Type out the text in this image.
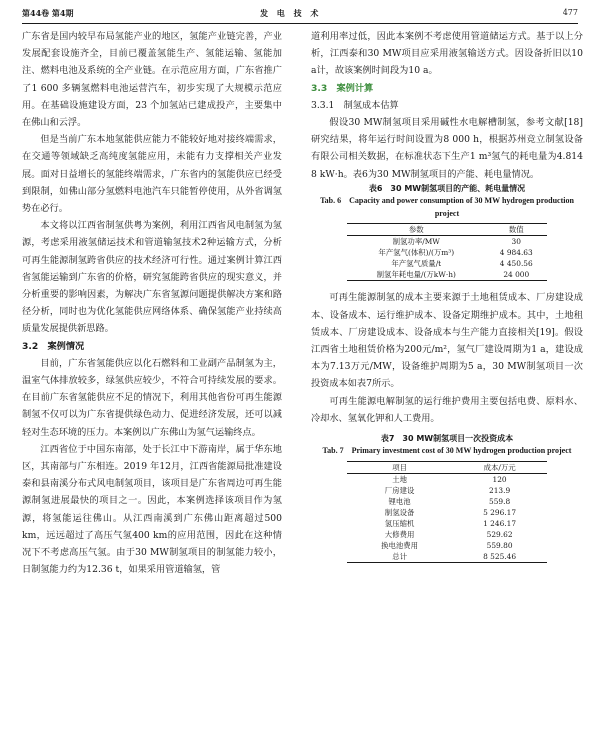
第44卷 第4期	发 电 技 术	477

广东省是国内较早布局氢能产业的地区，氢能产业链完善，产业发展配套设施齐全，目前已覆盖氢能生产、氢能运输、氢能加注、燃料电池及系统的全产业链。在示范应用方面，广东省推广了1 600 多辆氢燃料电池运营汽车，初步实现了大规模示范应用。在基础设施建设方面，23 个加氢站已建成投产，主要集中在佛山和云浮。

但是当前广东本地氢能供应能力不能较好地对接终端需求，在交通等领域缺乏高纯度氢能应用，未能有力支撑相关产业发展。面对日益增长的氢能终端需求，广东省内的氢能供应已经受到限制，如佛山部分氢燃料电池汽车只能暂停使用，从外省调氢势在必行。

本文将以江西省制氢供粤为案例，利用江西省风电制氢为氢源，考虑采用液氢储运技术和管道输氢技术2种运输方式，分析可再生能源制氢跨省供应的技术经济可行性。通过案例计算江西省氢能运输到广东省的价格，研究氢能跨省供应的现实意义，并分析重要的影响因素，为解决广东省氢源问题提供解决方案和路径分析，同时也为优化氢能供应网络体系、确保氢能产业持续高质量发展提供新思路。

3.2　案例情况

目前，广东省氢能供应以化石燃料和工业副产品制氢为主，温室气体排放较多，绿氢供应较少，不符合可持续发展的要求。在目前广东省氢能供应不足的情况下，利用其他省份可再生能源制氢不仅可以为广东省提供绿色动力、促进经济发展，还可以减轻对生态环境的压力。本案例以广东佛山为氢气运输终点。

江西省位于中国东南部，处于长江中下游南岸，属于华东地区，其南部与广东相连。2019 年12月，江西省能源局批准建设泰和县南溪分布式风电制氢项目，该项目是广东省周边可再生能源制氢进展最快的项目之一。因此，本案例选择该项目作为氢源，将氢能运往佛山。从江西南溪到广东佛山距离超过500 km，远远超过了高压气氢400 km的应用范围，因此在这种情况下不考虑高压气氢。由于30 MW制氢项目的制氢能力较小，日制氢能力约为12.36 t，如果采用管道输氢，管

道利用率过低，因此本案例不考虑使用管道储运方式。基于以上分析，江西泰和30 MW项目应采用液氢输送方式。因设备折旧以10 a计，故该案例时间段为10 a。

3.3　案例计算

3.3.1　制氢成本估算

假设30 MW制氢项目采用碱性水电解槽制氢，参考文献[18]研究结果，将年运行时间设置为8 000 h，根据苏州竞立制氢设备有限公司相关数据，在标准状态下生产1 m³氢气的耗电量为4.814 8 kW·h。表6为30 MW制氢项目的产能、耗电量情况。

表6　30 MW制氢项目的产能、耗电量情况
Tab. 6　Capacity and power consumption of 30 MW hydrogen production project
参数	数值
制氢功率/MW	30
年产氢气(体积)/(万m³)	4 984.63
年产氢气质量/t	4 450.56
制氢年耗电量/(万kW·h)	24 000

可再生能源制氢的成本主要来源于土地租赁成本、厂房建设成本、设备成本、运行维护成本、设备定期维护成本。其中，土地租赁成本、厂房建设成本、设备成本与生产能力直接相关[19]。假设江西省土地租赁价格为200元/m²，氢气厂建设周期为1 a，建设成本为7.13万元/MW，设备维护周期为5 a，30 MW制氢项目一次投资成本如表7所示。

可再生能源电解制氢的运行维护费用主要包括电费、原料水、冷却水、氢氧化钾和人工费用。

表7　30 MW制氢项目一次投资成本
Tab. 7　Primary investment cost of 30 MW hydrogen production project
项目	成本/万元
土地	120
厂房建设	213.9
锂电池	559.8
制氢设备	5 296.17
氢压缩机	1 246.17
大修费用	529.62
换电池费用	559.80
总计	8 525.46
